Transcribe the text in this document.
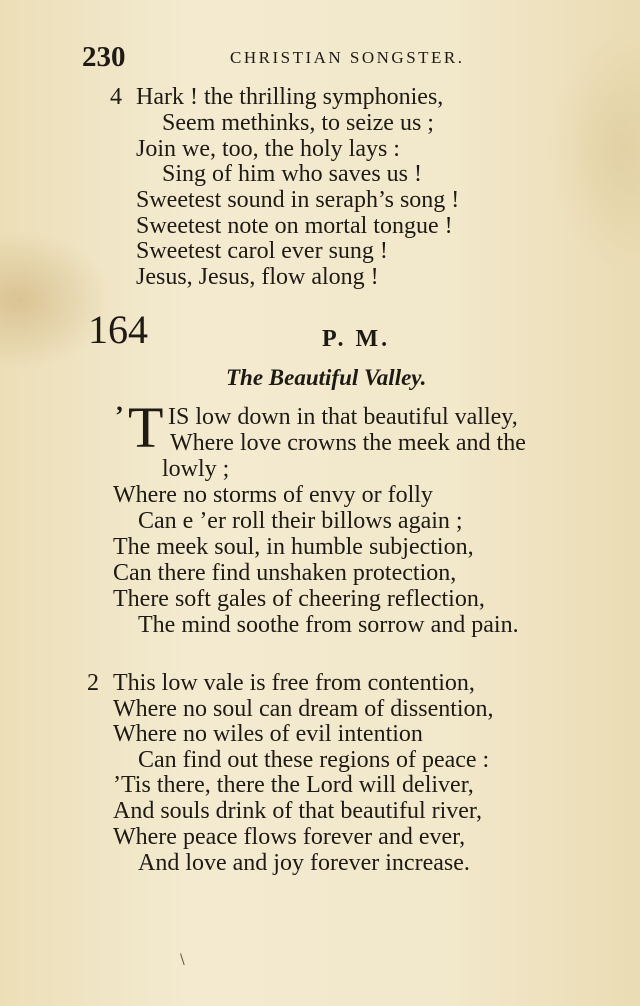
230	CHRISTIAN SONGSTER.
4 Hark ! the thrilling symphonies,
Seem methinks, to seize us ;
Join we, too, the holy lays :
Sing of him who saves us !
Sweetest sound in seraph’s song !
Sweetest note on mortal tongue !
Sweetest carol ever sung !
Jesus, Jesus, flow along !
164	P. M.
The Beautiful Valley.
’ T IS low down in that beautiful valley,
Where love crowns the meek and the
lowly ;
Where no storms of envy or folly
Can e ’er roll their billows again ;
The meek soul, in humble subjection,
Can there find unshaken protection,
There soft gales of cheering reflection,
The mind soothe from sorrow and pain.
2 This low vale is free from contention,
Where no soul can dream of dissention,
Where no wiles of evil intention
Can find out these regions of peace :
’Tis there, there the Lord will deliver,
And souls drink of that beautiful river,
Where peace flows forever and ever,
And love and joy forever increase.
\
